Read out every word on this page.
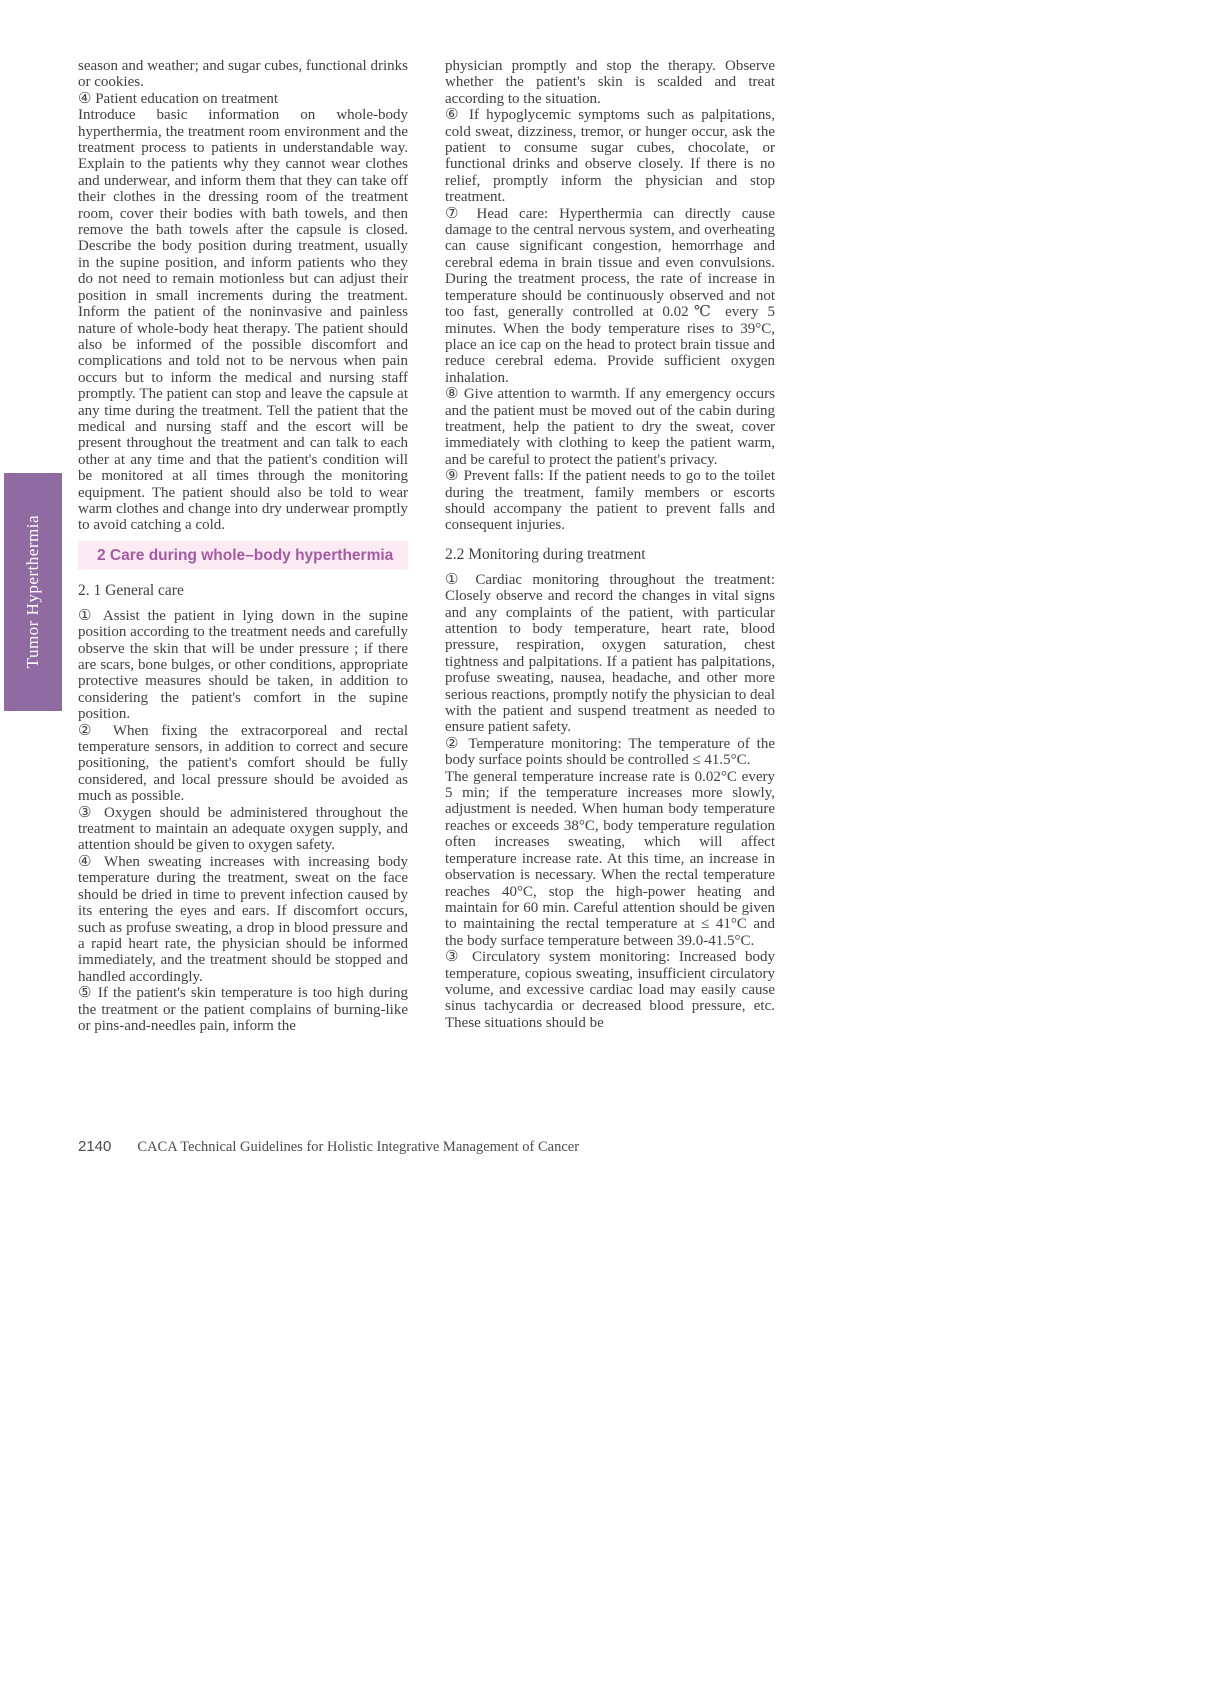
Tumor Hyperthermia
season and weather; and sugar cubes, functional drinks or cookies.
④ Patient education on treatment
Introduce basic information on whole-body hyperthermia, the treatment room environment and the treatment process to patients in understandable way. Explain to the patients why they cannot wear clothes and underwear, and inform them that they can take off their clothes in the dressing room of the treatment room, cover their bodies with bath towels, and then remove the bath towels after the capsule is closed. Describe the body position during treatment, usually in the supine position, and inform patients who they do not need to remain motionless but can adjust their position in small increments during the treatment. Inform the patient of the noninvasive and painless nature of whole-body heat therapy. The patient should also be informed of the possible discomfort and complications and told not to be nervous when pain occurs but to inform the medical and nursing staff promptly. The patient can stop and leave the capsule at any time during the treatment. Tell the patient that the medical and nursing staff and the escort will be present throughout the treatment and can talk to each other at any time and that the patient's condition will be monitored at all times through the monitoring equipment. The patient should also be told to wear warm clothes and change into dry underwear promptly to avoid catching a cold.
2 Care during whole–body hyperthermia
2. 1 General care
① Assist the patient in lying down in the supine position according to the treatment needs and carefully observe the skin that will be under pressure ; if there are scars, bone bulges, or other conditions, appropriate protective measures should be taken, in addition to considering the patient's comfort in the supine position.
② When fixing the extracorporeal and rectal temperature sensors, in addition to correct and secure positioning, the patient's comfort should be fully considered, and local pressure should be avoided as much as possible.
③ Oxygen should be administered throughout the treatment to maintain an adequate oxygen supply, and attention should be given to oxygen safety.
④ When sweating increases with increasing body temperature during the treatment, sweat on the face should be dried in time to prevent infection caused by its entering the eyes and ears. If discomfort occurs, such as profuse sweating, a drop in blood pressure and a rapid heart rate, the physician should be informed immediately, and the treatment should be stopped and handled accordingly.
⑤ If the patient's skin temperature is too high during the treatment or the patient complains of burning-like or pins-and-needles pain, inform the
physician promptly and stop the therapy. Observe whether the patient's skin is scalded and treat according to the situation.
⑥ If hypoglycemic symptoms such as palpitations, cold sweat, dizziness, tremor, or hunger occur, ask the patient to consume sugar cubes, chocolate, or functional drinks and observe closely. If there is no relief, promptly inform the physician and stop treatment.
⑦ Head care: Hyperthermia can directly cause damage to the central nervous system, and overheating can cause significant congestion, hemorrhage and cerebral edema in brain tissue and even convulsions. During the treatment process, the rate of increase in temperature should be continuously observed and not too fast, generally controlled at 0.02℃ every 5 minutes. When the body temperature rises to 39°C, place an ice cap on the head to protect brain tissue and reduce cerebral edema. Provide sufficient oxygen inhalation.
⑧ Give attention to warmth. If any emergency occurs and the patient must be moved out of the cabin during treatment, help the patient to dry the sweat, cover immediately with clothing to keep the patient warm, and be careful to protect the patient's privacy.
⑨ Prevent falls: If the patient needs to go to the toilet during the treatment, family members or escorts should accompany the patient to prevent falls and consequent injuries.
2.2 Monitoring during treatment
① Cardiac monitoring throughout the treatment: Closely observe and record the changes in vital signs and any complaints of the patient, with particular attention to body temperature, heart rate, blood pressure, respiration, oxygen saturation, chest tightness and palpitations. If a patient has palpitations, profuse sweating, nausea, headache, and other more serious reactions, promptly notify the physician to deal with the patient and suspend treatment as needed to ensure patient safety.
② Temperature monitoring: The temperature of the body surface points should be controlled ≤ 41.5°C.
The general temperature increase rate is 0.02°C every 5 min; if the temperature increases more slowly, adjustment is needed. When human body temperature reaches or exceeds 38°C, body temperature regulation often increases sweating, which will affect temperature increase rate. At this time, an increase in observation is necessary. When the rectal temperature reaches 40°C, stop the high-power heating and maintain for 60 min. Careful attention should be given to maintaining the rectal temperature at ≤ 41°C and the body surface temperature between 39.0-41.5°C.
③ Circulatory system monitoring: Increased body temperature, copious sweating, insufficient circulatory volume, and excessive cardiac load may easily cause sinus tachycardia or decreased blood pressure, etc. These situations should be
2140 CACA Technical Guidelines for Holistic Integrative Management of Cancer
